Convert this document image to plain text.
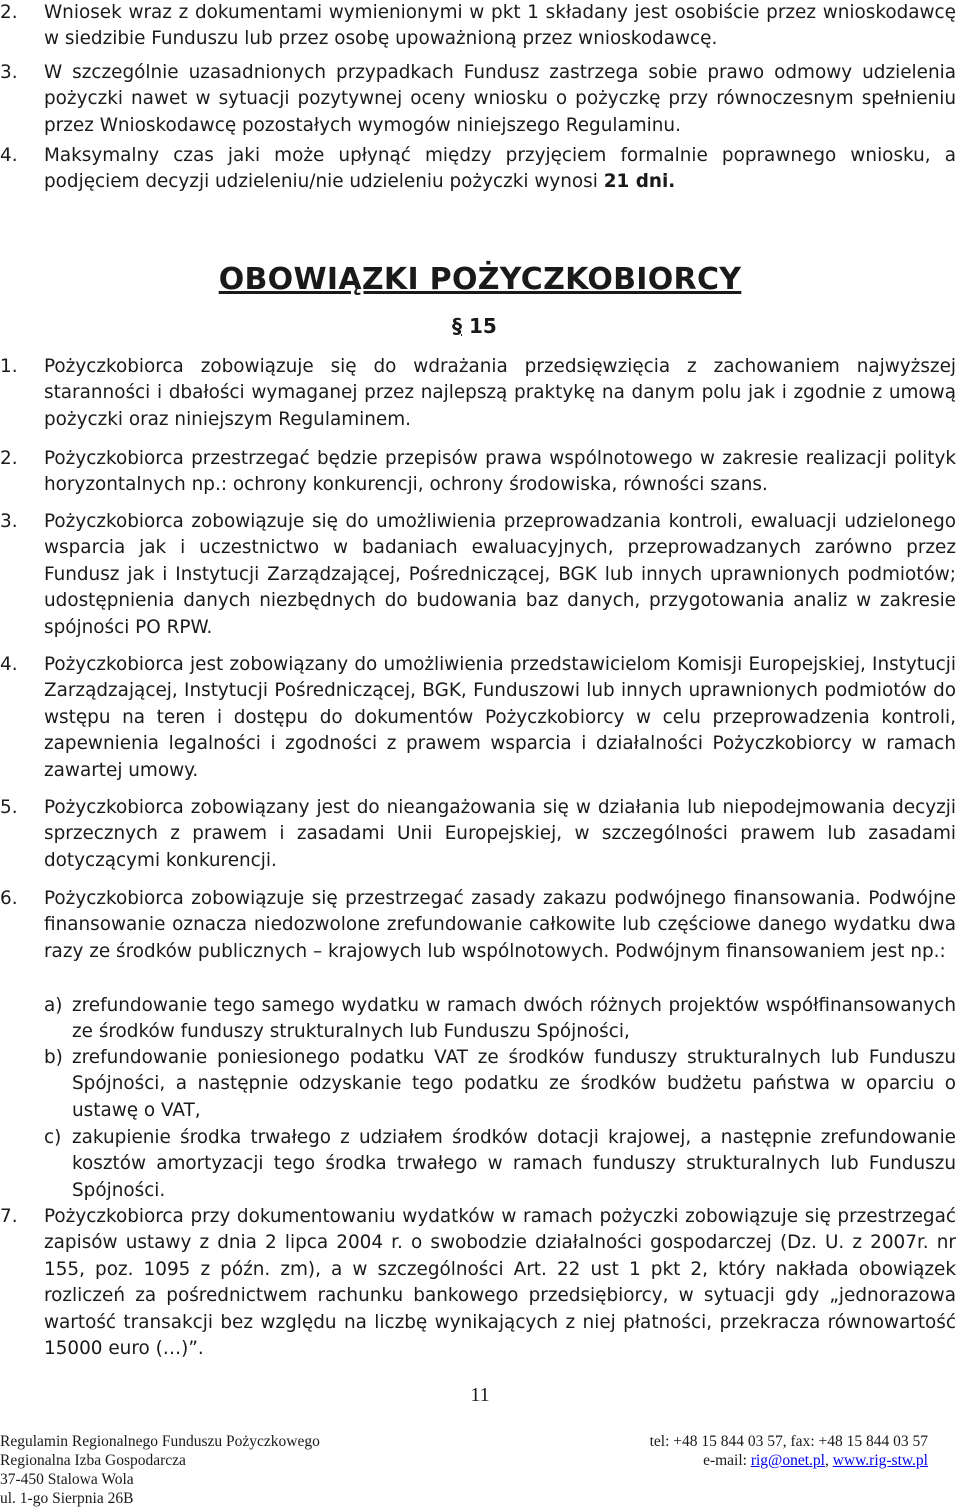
2.	Wniosek wraz z dokumentami wymienionymi w pkt 1 składany jest osobiście przez wnioskodawcę w siedzibie Funduszu lub przez osobę upoważnioną przez wnioskodawcę.
3.	W szczególnie uzasadnionych przypadkach Fundusz zastrzega sobie prawo odmowy udzielenia pożyczki nawet w sytuacji pozytywnej oceny wniosku o pożyczkę przy równoczesnym spełnieniu przez Wnioskodawcę pozostałych wymogów niniejszego Regulaminu.
4.	Maksymalny czas jaki może upłynąć między przyjęciem formalnie poprawnego wniosku, a podjęciem decyzji udzieleniu/nie udzieleniu pożyczki wynosi 21 dni.
OBOWIĄZKI POŻYCZKOBIORCY
§ 15
1.	Pożyczkobiorca zobowiązuje się do wdrażania przedsięwzięcia z zachowaniem najwyższej staranności i dbałości wymaganej przez najlepszą praktykę na danym polu jak i zgodnie z umową pożyczki oraz niniejszym Regulaminem.
2.	Pożyczkobiorca przestrzegać będzie przepisów prawa wspólnotowego w zakresie realizacji polityk horyzontalnych np.: ochrony konkurencji, ochrony środowiska, równości szans.
3.	Pożyczkobiorca zobowiązuje się do umożliwienia przeprowadzania kontroli, ewaluacji udzielonego wsparcia jak i uczestnictwo w badaniach ewaluacyjnych, przeprowadzanych zarówno przez Fundusz jak i Instytucji Zarządzającej, Pośredniczącej, BGK lub innych uprawnionych podmiotów; udostępnienia danych niezbędnych do budowania baz danych, przygotowania analiz w zakresie spójności PO RPW.
4.	Pożyczkobiorca jest zobowiązany do umożliwienia przedstawicielom Komisji Europejskiej, Instytucji Zarządzającej, Instytucji Pośredniczącej, BGK, Funduszowi lub innych uprawnionych podmiotów do wstępu na teren i dostępu do dokumentów Pożyczkobiorcy w celu przeprowadzenia kontroli, zapewnienia legalności i zgodności z prawem wsparcia i działalności Pożyczkobiorcy w ramach zawartej umowy.
5.	Pożyczkobiorca zobowiązany jest do nieangażowania się w działania lub niepodejmowania decyzji sprzecznych z prawem i zasadami Unii Europejskiej, w szczególności prawem lub zasadami dotyczącymi konkurencji.
6.	Pożyczkobiorca zobowiązuje się przestrzegać zasady zakazu podwójnego finansowania. Podwójne finansowanie oznacza niedozwolone zrefundowanie całkowite lub częściowe danego wydatku dwa razy ze środków publicznych – krajowych lub wspólnotowych. Podwójnym finansowaniem jest np.:
a) zrefundowanie tego samego wydatku w ramach dwóch różnych projektów współfinansowanych ze środków funduszy strukturalnych lub Funduszu Spójności,
b) zrefundowanie poniesionego podatku VAT ze środków funduszy strukturalnych lub Funduszu Spójności, a następnie odzyskanie tego podatku ze środków budżetu państwa w oparciu o ustawę o VAT,
c) zakupienie środka trwałego z udziałem środków dotacji krajowej, a następnie zrefundowanie kosztów amortyzacji tego środka trwałego w ramach funduszy strukturalnych lub Funduszu Spójności.
7.	Pożyczkobiorca przy dokumentowaniu wydatków w ramach pożyczki zobowiązuje się przestrzegać zapisów ustawy z dnia 2 lipca 2004 r. o swobodzie działalności gospodarczej (Dz. U. z 2007r. nr 155, poz. 1095 z późn. zm), a w szczególności Art. 22 ust 1 pkt 2, który nakłada obowiązek rozliczeń za pośrednictwem rachunku bankowego przedsiębiorcy, w sytuacji gdy „jednorazowa wartość transakcji bez względu na liczbę wynikających z niej płatności, przekracza równowartość 15000 euro (…)”.
11
Regulamin Regionalnego Funduszu Pożyczkowego
Regionalna Izba Gospodarcza
37-450 Stalowa Wola
ul. 1-go Sierpnia 26B
tel: +48 15 844 03 57, fax: +48 15 844 03 57
e-mail: rig@onet.pl, www.rig-stw.pl
